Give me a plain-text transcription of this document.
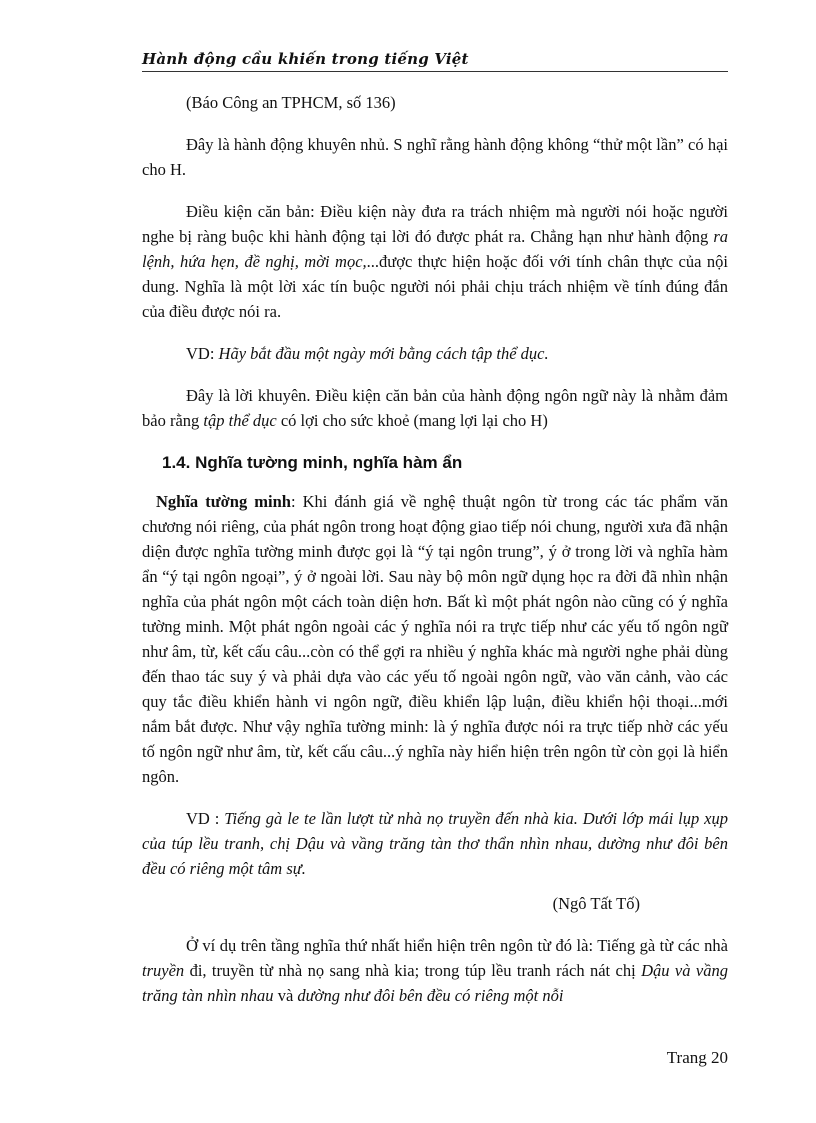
Hành động cầu khiến trong tiếng Việt

(Báo Công an TPHCM, số 136)

Đây là hành động khuyên nhủ. S nghĩ rằng hành động không “thử một lần” có hại cho H.

Điều kiện căn bản: Điều kiện này đưa ra trách nhiệm mà người nói hoặc người nghe bị ràng buộc khi hành động tại lời đó được phát ra. Chẳng hạn như hành động ra lệnh, hứa hẹn, đề nghị, mời mọc,...được thực hiện hoặc đối với tính chân thực của nội dung. Nghĩa là một lời xác tín buộc người nói phải chịu trách nhiệm về tính đúng đắn của điều được nói ra.

VD: Hãy bắt đầu một ngày mới bằng cách tập thể dục.

Đây là lời khuyên. Điều kiện căn bản của hành động ngôn ngữ này là nhằm đảm bảo rằng tập thể dục có lợi cho sức khoẻ (mang lợi lại cho H)

1.4. Nghĩa tường minh, nghĩa hàm ẩn

Nghĩa tường minh: Khi đánh giá về nghệ thuật ngôn từ trong các tác phẩm văn chương nói riêng, của phát ngôn trong hoạt động giao tiếp nói chung, người xưa đã nhận diện được nghĩa tường minh được gọi là “ý tại ngôn trung”, ý ở trong lời và nghĩa hàm ẩn “ý tại ngôn ngoại”, ý ở ngoài lời. Sau này bộ môn ngữ dụng học ra đời đã nhìn nhận nghĩa của phát ngôn một cách toàn diện hơn. Bất kì một phát ngôn nào cũng có ý nghĩa tường minh. Một phát ngôn ngoài các ý nghĩa nói ra trực tiếp như các yếu tố ngôn ngữ như âm, từ, kết cấu câu...còn có thể gợi ra nhiều ý nghĩa khác mà người nghe phải dùng đến thao tác suy ý và phải dựa vào các yếu tố ngoài ngôn ngữ, vào văn cảnh, vào các quy tắc điều khiển hành vi ngôn ngữ, điều khiển lập luận, điều khiển hội thoại...mới nắm bắt được. Như vậy nghĩa tường minh: là ý nghĩa được nói ra trực tiếp nhờ các yếu tố ngôn ngữ như âm, từ, kết cấu câu...ý nghĩa này hiển hiện trên ngôn từ còn gọi là hiển ngôn.

VD : Tiếng gà le te lần lượt từ nhà nọ truyền đến nhà kia. Dưới lớp mái lụp xụp của túp lều tranh, chị Dậu và vầng trăng tàn thơ thẩn nhìn nhau, dường như đôi bên đều có riêng một tâm sự.

(Ngô Tất Tố)

Ở ví dụ trên tầng nghĩa thứ nhất hiển hiện trên ngôn từ đó là: Tiếng gà từ các nhà truyền đi, truyền từ nhà nọ sang nhà kia; trong túp lều tranh rách nát chị Dậu và vầng trăng tàn nhìn nhau và dường như đôi bên đều có riêng một nỗi

Trang 20
